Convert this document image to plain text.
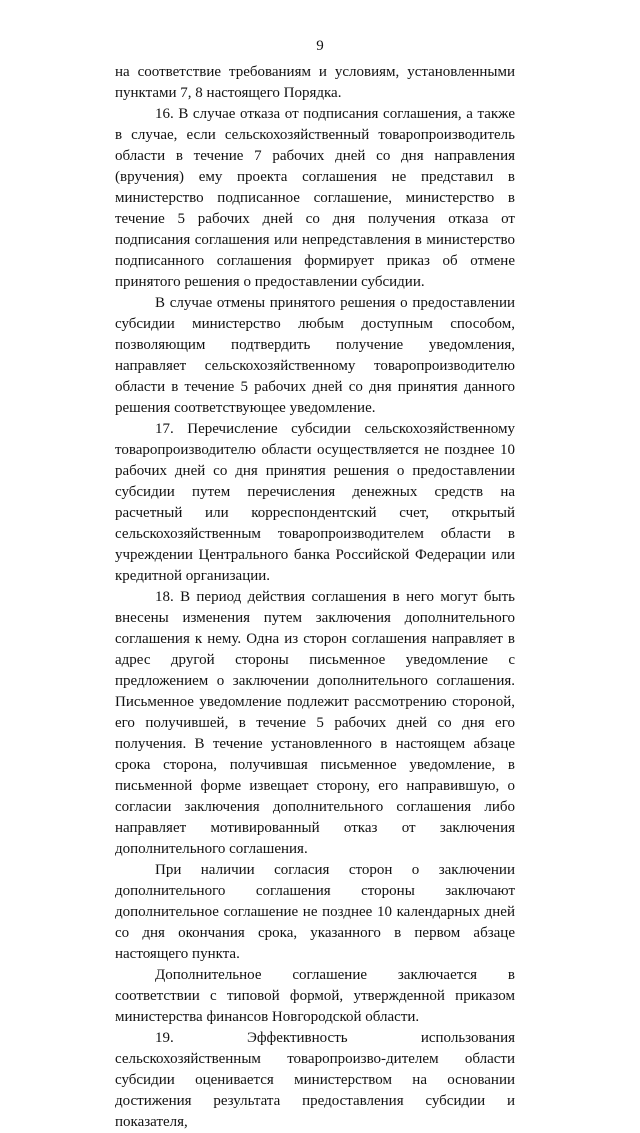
9

на соответствие требованиям и условиям, установленными пунктами 7, 8 настоящего Порядка.

16. В случае отказа от подписания соглашения, а также в случае, если сельскохозяйственный товаропроизводитель области в течение 7 рабочих дней со дня направления (вручения) ему проекта соглашения не представил в министерство подписанное соглашение, министерство в течение 5 рабочих дней со дня получения отказа от подписания соглашения или непредставления в министерство подписанного соглашения формирует приказ об отмене принятого решения о предоставлении субсидии.

В случае отмены принятого решения о предоставлении субсидии министерство любым доступным способом, позволяющим подтвердить получение уведомления, направляет сельскохозяйственному товаропроизводителю области в течение 5 рабочих дней со дня принятия данного решения соответствующее уведомление.

17. Перечисление субсидии сельскохозяйственному товаропроизводителю области осуществляется не позднее 10 рабочих дней со дня принятия решения о предоставлении субсидии путем перечисления денежных средств на расчетный или корреспондентский счет, открытый сельскохозяйственным товаропроизводителем области в учреждении Центрального банка Российской Федерации или кредитной организации.

18. В период действия соглашения в него могут быть внесены изменения путем заключения дополнительного соглашения к нему. Одна из сторон соглашения направляет в адрес другой стороны письменное уведомление с предложением о заключении дополнительного соглашения. Письменное уведомление подлежит рассмотрению стороной, его получившей, в течение 5 рабочих дней со дня его получения. В течение установленного в настоящем абзаце срока сторона, получившая письменное уведомление, в письменной форме извещает сторону, его направившую, о согласии заключения дополнительного соглашения либо направляет мотивированный отказ от заключения дополнительного соглашения.

При наличии согласия сторон о заключении дополнительного соглашения стороны заключают дополнительное соглашение не позднее 10 календарных дней со дня окончания срока, указанного в первом абзаце настоящего пункта.

Дополнительное соглашение заключается в соответствии с типовой формой, утвержденной приказом министерства финансов Новгородской области.

19. Эффективность использования сельскохозяйственным товаропроизво-дителем области субсидии оценивается министерством на основании достижения результата предоставления субсидии и показателя,
